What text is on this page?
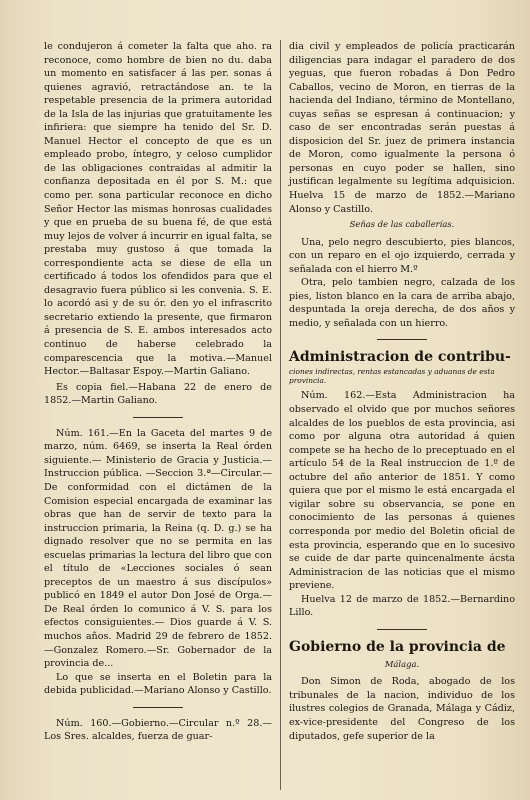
le condujeron á cometer la falta que aho. ra reconoce, como hombre de bien no du. daba un momento en satisfacer á las per. sonas á quienes agravió, retractándose an. te la respetable presencia de la primera autoridad de la Isla de las injurias que gratuitamente les infiriera: que siempre ha tenido del Sr. D. Manuel Hector el concepto de que es un empleado probo, íntegro, y celoso cumplidor de las obligaciones contraidas al admitir la confianza depositada en él por S. M.: que como per. sona particular reconoce en dicho Señor Hector las mismas honrosas cualidades y que en prueba de su buena fé, de que está muy lejos de volver á incurrir en igual falta, se prestaba muy gustoso á que tomada la correspondiente acta se diese de ella un certificado á todos los ofendidos para que el desagravio fuera público si les convenia. S. E. lo acordó asi y de su ór. den yo el infrascrito secretario extiendo la presente, que firmaron á presencia de S. E. ambos interesados acto continuo de haberse celebrado la comparescencia que la motiva.—Manuel Hector.—Baltasar Espoy.—Martin Galiano.

Es copia fiel.—Habana 22 de enero de 1852.—Martin Galiano.

Núm. 161.—En la Gaceta del martes 9 de marzo, núm. 6469, se inserta la Real órden siguiente.— Ministerio de Gracia y Justicia.—Instruccion pública. —Seccion 3.ª—Circular.—De conformidad con el dictámen de la Comision especial encargada de examinar las obras que han de servir de texto para la instruccion primaria, la Reina (q. D. g.) se ha dignado resolver que no se permita en las escuelas primarias la lectura del libro que con el título de «Lecciones sociales ó sean preceptos de un maestro á sus discípulos» publicó en 1849 el autor Don José de Orga.—De Real órden lo comunico á V. S. para los efectos consiguientes.— Dios guarde á V. S. muchos años. Madrid 29 de febrero de 1852.—Gonzalez Romero.—Sr. Gobernador de la provincia de...

Lo que se inserta en el Boletin para la debida publicidad.—Mariano Alonso y Castillo.

Núm. 160.—Gobierno.—Circular n.º 28.—Los Sres. alcaldes, fuerza de guar-

dia civil y empleados de policía practicarán diligencias para indagar el paradero de dos yeguas, que fueron robadas á Don Pedro Caballos, vecino de Moron, en tierras de la hacienda del Indiano, término de Montellano, cuyas señas se espresan á continuacion; y caso de ser encontradas serán puestas á disposicion del Sr. juez de primera instancia de Moron, como igualmente la persona ó personas en cuyo poder se hallen, sino justifican legalmente su legítima adquisicion. Huelva 15 de marzo de 1852.—Mariano Alonso y Castillo.

Señas de las caballerías.

Una, pelo negro descubierto, pies blancos, con un reparo en el ojo izquierdo, cerrada y señalada con el hierro M.º

Otra, pelo tambien negro, calzada de los pies, liston blanco en la cara de arriba abajo, despuntada la oreja derecha, de dos años y medio, y señalada con un hierro.

Administracion de contribu-
ciones indirectas, rentas estancadas y aduanas de esta provincia.

Núm. 162.—Esta Administracion ha observado el olvido que por muchos señores alcaldes de los pueblos de esta provincia, asi como por alguna otra autoridad á quien compete se ha hecho de lo preceptuado en el artículo 54 de la Real instruccion de 1.º de octubre del año anterior de 1851. Y como quiera que por el mismo le está encargada el vigilar sobre su observancia, se pone en conocimiento de las personas á quienes corresponda por medio del Boletin oficial de esta provincia, esperando que en lo sucesivo se cuide de dar parte quincenalmente ácsta Administracion de las noticias que el mismo previene.

Huelva 12 de marzo de 1852.—Bernardino Lillo.

Gobierno de la provincia de
Málaga.

Don Simon de Roda, abogado de los tribunales de la nacion, individuo de los ilustres colegios de Granada, Málaga y Cádiz, ex-vice-presidente del Congreso de los diputados, gefe superior de la
